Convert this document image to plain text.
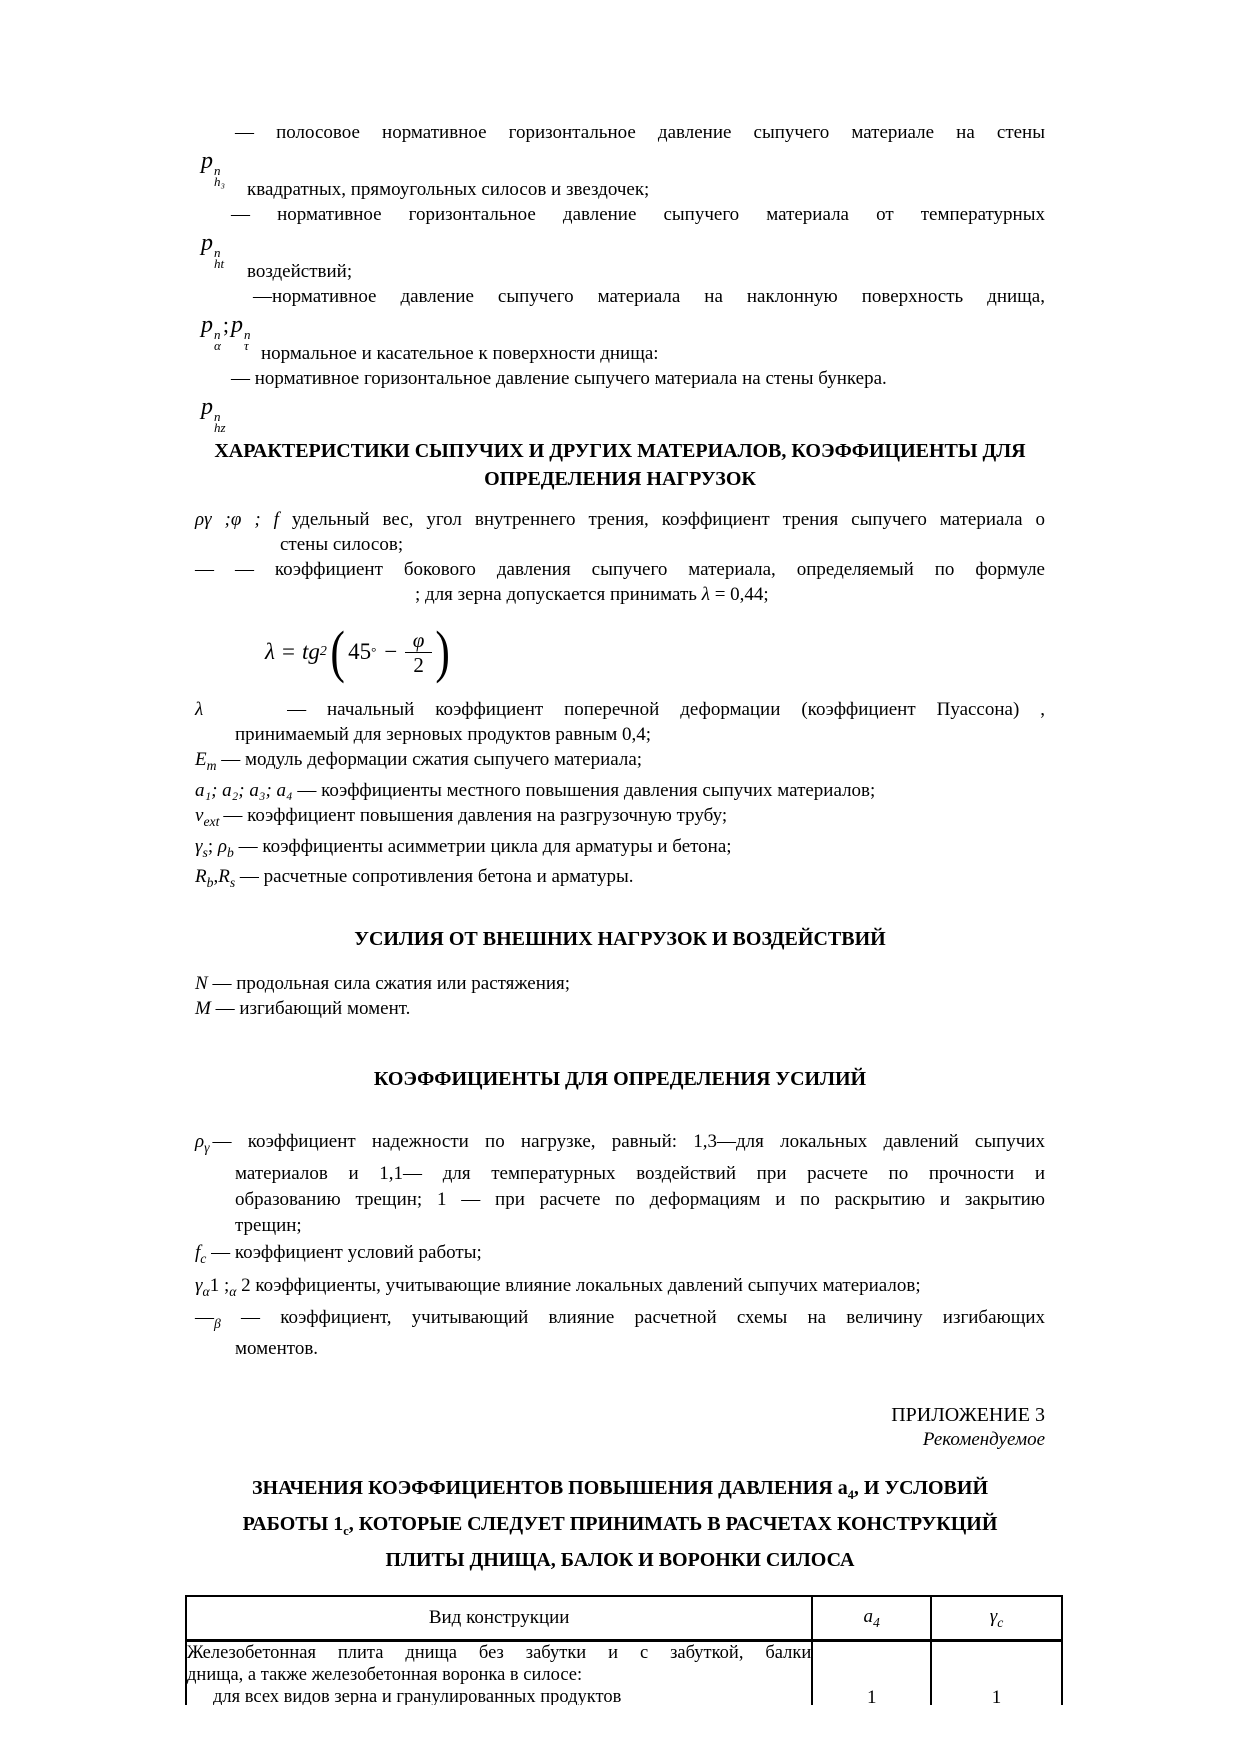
— полосовое нормативное горизонтальное давление сыпучего материале на стены
p n
h₃	квадратных, прямоугольных силосов и звездочек;
— нормативное горизонтальное давление сыпучего материала от температурных
p n
ht	воздействий;
—нормативное давление сыпучего материала на наклонную поверхность днища,
p n
α
;p n
τ нормальное и касательное к поверхности днища:
— нормативное горизонтальное давление сыпучего материала на стены бункера.
p n
hz
ХАРАКТЕРИСТИКИ СЫПУЧИХ И ДРУГИХ МАТЕРИАЛОВ, КОЭФФИЦИЕНТЫ ДЛЯ ОПРЕДЕЛЕНИЯ НАГРУЗОК
ργ ;φ ; f удельный вес, угол внутреннего трения, коэффициент трения сыпучего материала о
стены силосов;
— — коэффициент бокового давления сыпучего материала, определяемый по формуле
; для зерна допускается принимать λ = 0,44;
λ = tg 2 ( 45 ° − $\frac{\varphi}{2}$ )
λ	— начальный коэффициент поперечной деформации (коэффициент Пуассона) ,
принимаемый для зерновых продуктов равным 0,4;
$E_m$ — модуль деформации сжатия сыпучего материала;
a₁; a₂; a₃; a₄ — коэффициенты местного повышения давления сыпучих материалов;
$\nu_{ext}$ — коэффициент повышения давления на разгрузочную трубу;
$\gamma_s$; $\rho_b$ — коэффициенты асимметрии цикла для арматуры и бетона;
$R_b,R_s$ — расчетные сопротивления бетона и арматуры.
УСИЛИЯ ОТ ВНЕШНИХ НАГРУЗОК И ВОЗДЕЙСТВИЙ
N — продольная сила сжатия или растяжения;
M — изгибающий момент.
КОЭФФИЦИЕНТЫ ДЛЯ ОПРЕДЕЛЕНИЯ УСИЛИЙ
$\rho_\gamma$ — коэффициент надежности по нагрузке, равный: 1,3—для локальных давлений сыпучих
материалов и 1,1— для температурных воздействий при расчете по прочности и
образованию трещин; 1 — при расчете по деформациям и по раскрытию и закрытию
трещин;
$f_c$ — коэффициент условий работы;
$\gamma_\alpha 1$ $;_\alpha$ 2 коэффициенты, учитывающие влияние локальных давлений сыпучих материалов;
$—_\beta$ — коэффициент, учитывающий влияние расчетной схемы на величину изгибающих
моментов.
ПРИЛОЖЕНИЕ 3
Рекомендуемое
ЗНАЧЕНИЯ КОЭФФИЦИЕНТОВ ПОВЫШЕНИЯ ДАВЛЕНИЯ $a_4$, И УСЛОВИЙ
РАБОТЫ $1_с$, КОТОРЫЕ СЛЕДУЕТ ПРИНИМАТЬ В РАСЧЕТАХ КОНСТРУКЦИЙ
ПЛИТЫ ДНИЩА, БАЛОК И ВОРОНКИ СИЛОСА
Вид конструкции	$a_4$	$\gamma_c$

Железобетонная плита днища без забутки и с забуткой, балки
днища, а также железобетонная воронка в силосе:
для всех видов зерна и гранулированных продуктов	1	1
